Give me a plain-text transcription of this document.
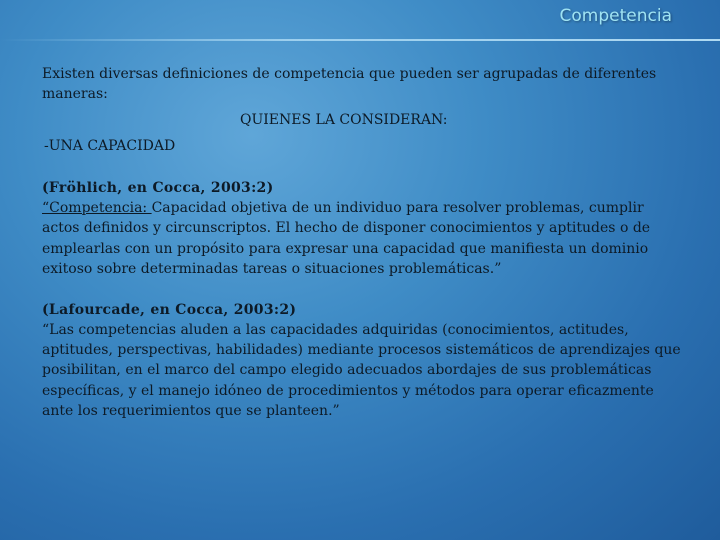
Competencia

Existen diversas definiciones de competencia que pueden ser agrupadas de diferentes maneras:

QUIENES LA CONSIDERAN:

-UNA CAPACIDAD

(Fröhlich, en Cocca, 2003:2)

“Competencia: Capacidad objetiva de un individuo para resolver problemas, cumplir actos definidos y circunscriptos. El hecho de disponer conocimientos y aptitudes o de emplearlas con un propósito para expresar una capacidad que manifiesta un dominio exitoso sobre determinadas tareas o situaciones problemáticas.”

(Lafourcade, en Cocca, 2003:2)

“Las competencias aluden a las capacidades adquiridas (conocimientos, actitudes, aptitudes, perspectivas, habilidades) mediante procesos sistemáticos de aprendizajes que posibilitan, en el marco del campo elegido adecuados abordajes de sus problemáticas específicas, y el manejo idóneo de procedimientos y métodos para operar eficazmente ante los requerimientos que se planteen.”
